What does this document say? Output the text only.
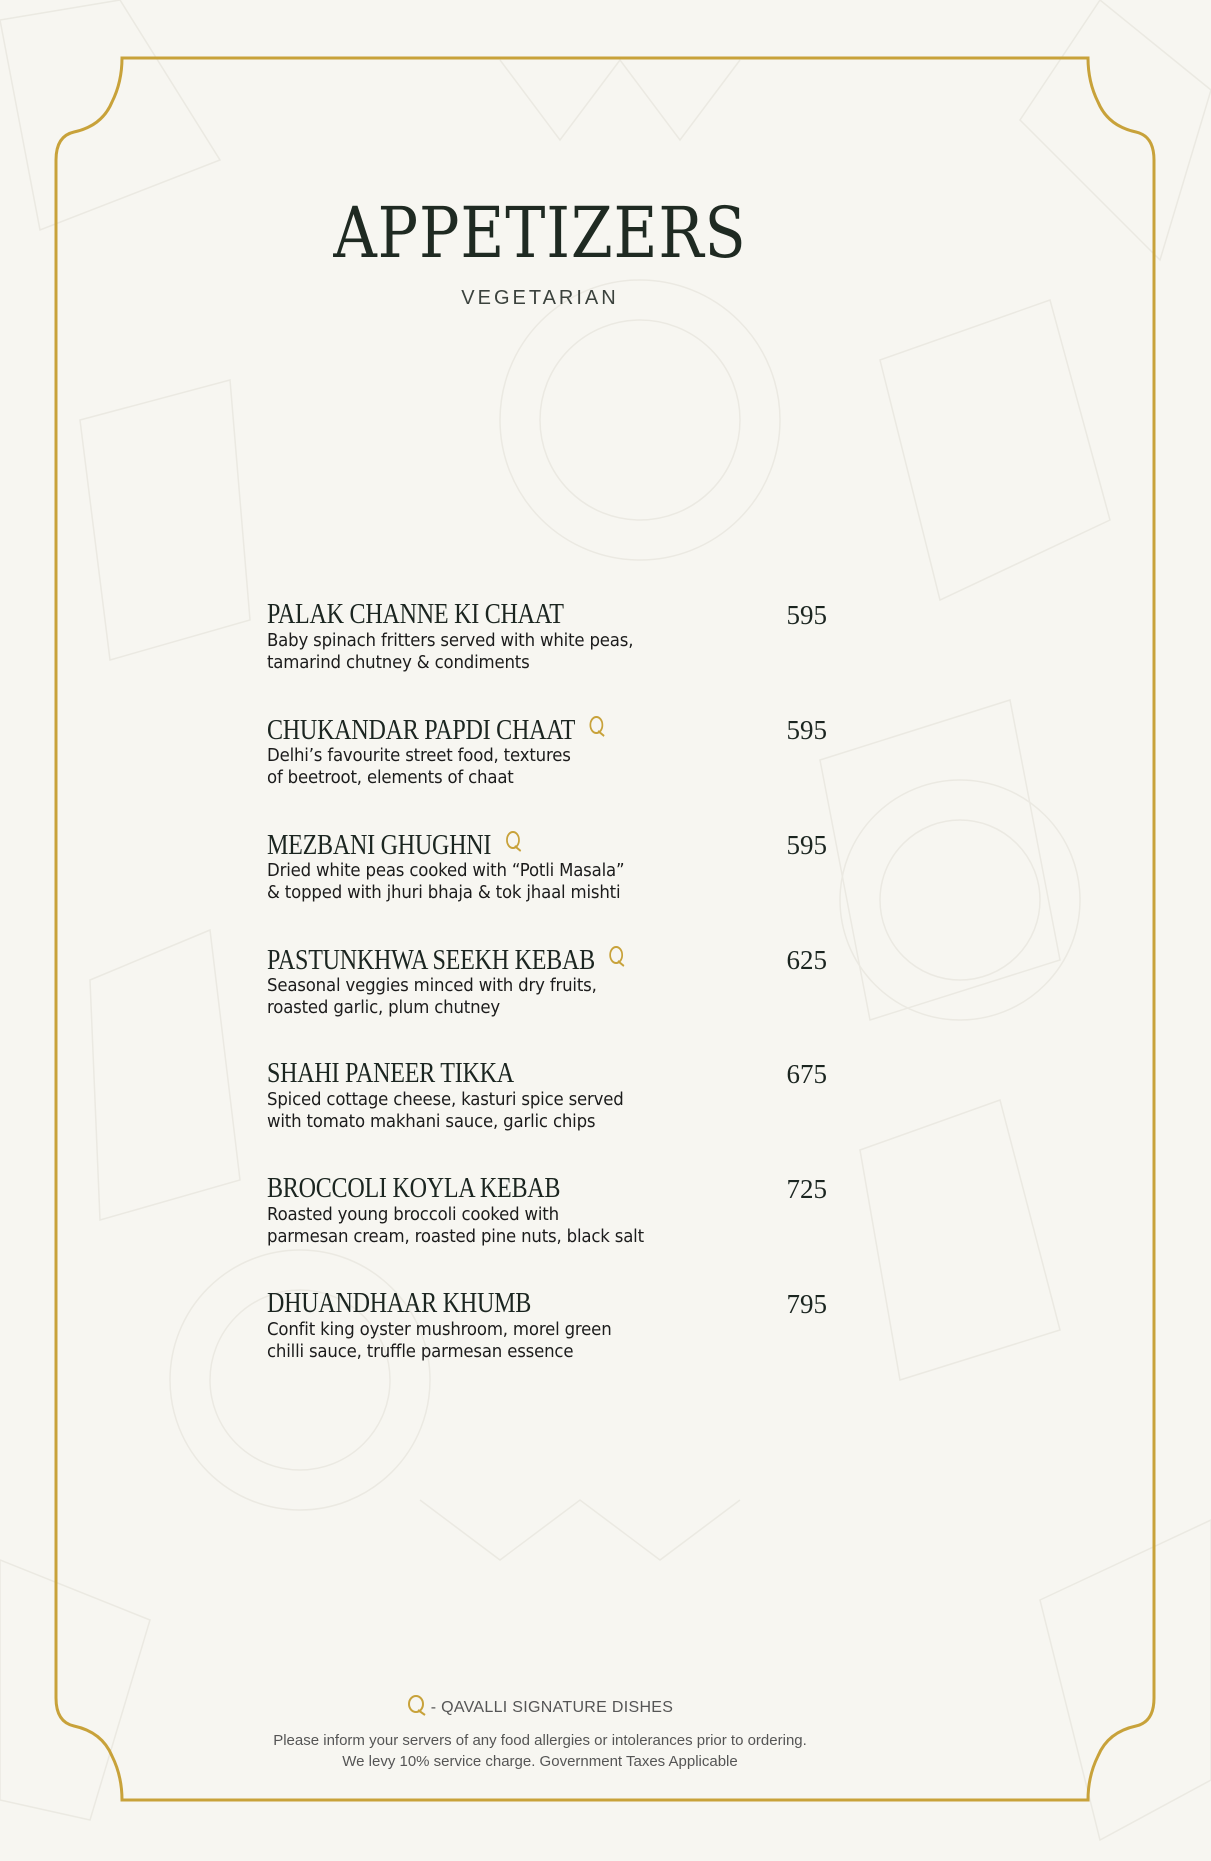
APPETIZERS
VEGETARIAN
PALAK CHANNE KI CHAAT
Baby spinach fritters served with white peas,
tamarind chutney & condiments
595
CHUKANDAR PAPDI CHAAT
Delhi’s favourite street food, textures
of beetroot, elements of chaat
595
MEZBANI GHUGHNI
Dried white peas cooked with “Potli Masala”
& topped with jhuri bhaja & tok jhaal mishti
595
PASTUNKHWA SEEKH KEBAB
Seasonal veggies minced with dry fruits,
roasted garlic, plum chutney
625
SHAHI PANEER TIKKA
Spiced cottage cheese, kasturi spice served
with tomato makhani sauce, garlic chips
675
BROCCOLI KOYLA KEBAB
Roasted young broccoli cooked with
parmesan cream, roasted pine nuts, black salt
725
DHUANDHAAR KHUMB
Confit king oyster mushroom, morel green
chilli sauce, truffle parmesan essence
795
- QAVALLI SIGNATURE DISHES
Please inform your servers of any food allergies or intolerances prior to ordering.
We levy 10% service charge. Government Taxes Applicable
